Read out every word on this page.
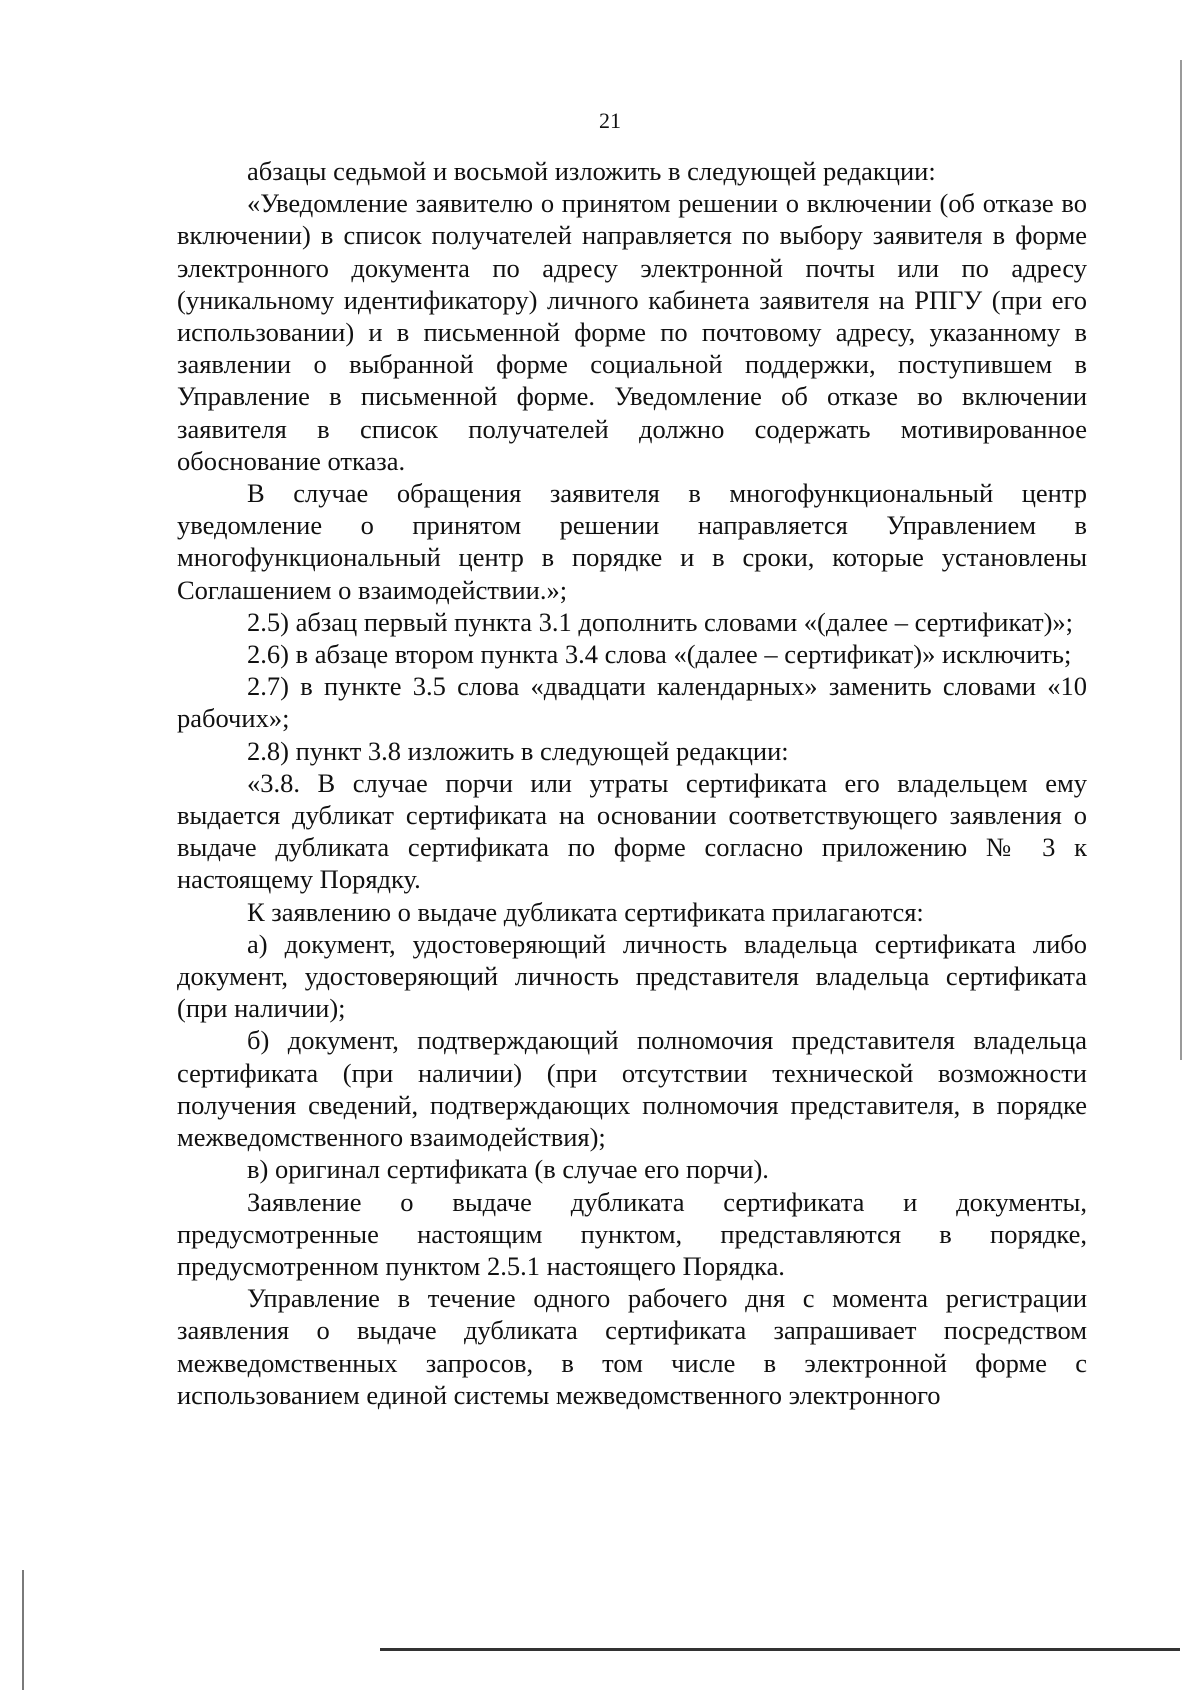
21

абзацы седьмой и восьмой изложить в следующей редакции:

«Уведомление заявителю о принятом решении о включении (об отказе во включении) в список получателей направляется по выбору заявителя в форме электронного документа по адресу электронной почты или по адресу (уникальному идентификатору) личного кабинета заявителя на РПГУ (при его использовании) и в письменной форме по почтовому адресу, указанному в заявлении о выбранной форме социальной поддержки, поступившем в Управление в письменной форме. Уведомление об отказе во включении заявителя в список получателей должно содержать мотивированное обоснование отказа.

В случае обращения заявителя в многофункциональный центр уведомление о принятом решении направляется Управлением в многофункциональный центр в порядке и в сроки, которые установлены Соглашением о взаимодействии.»;

2.5) абзац первый пункта 3.1 дополнить словами «(далее – сертификат)»;

2.6) в абзаце втором пункта 3.4 слова «(далее – сертификат)» исключить;

2.7) в пункте 3.5 слова «двадцати календарных» заменить словами «10 рабочих»;

2.8) пункт 3.8 изложить в следующей редакции:

«3.8. В случае порчи или утраты сертификата его владельцем ему выдается дубликат сертификата на основании соответствующего заявления о выдаче дубликата сертификата по форме согласно приложению № 3 к настоящему Порядку.

К заявлению о выдаче дубликата сертификата прилагаются:

а) документ, удостоверяющий личность владельца сертификата либо документ, удостоверяющий личность представителя владельца сертификата (при наличии);

б) документ, подтверждающий полномочия представителя владельца сертификата (при наличии) (при отсутствии технической возможности получения сведений, подтверждающих полномочия представителя, в порядке межведомственного взаимодействия);

в) оригинал сертификата (в случае его порчи).

Заявление о выдаче дубликата сертификата и документы, предусмотренные настоящим пунктом, представляются в порядке, предусмотренном пунктом 2.5.1 настоящего Порядка.

Управление в течение одного рабочего дня с момента регистрации заявления о выдаче дубликата сертификата запрашивает посредством межведомственных запросов, в том числе в электронной форме с использованием единой системы межведомственного электронного
